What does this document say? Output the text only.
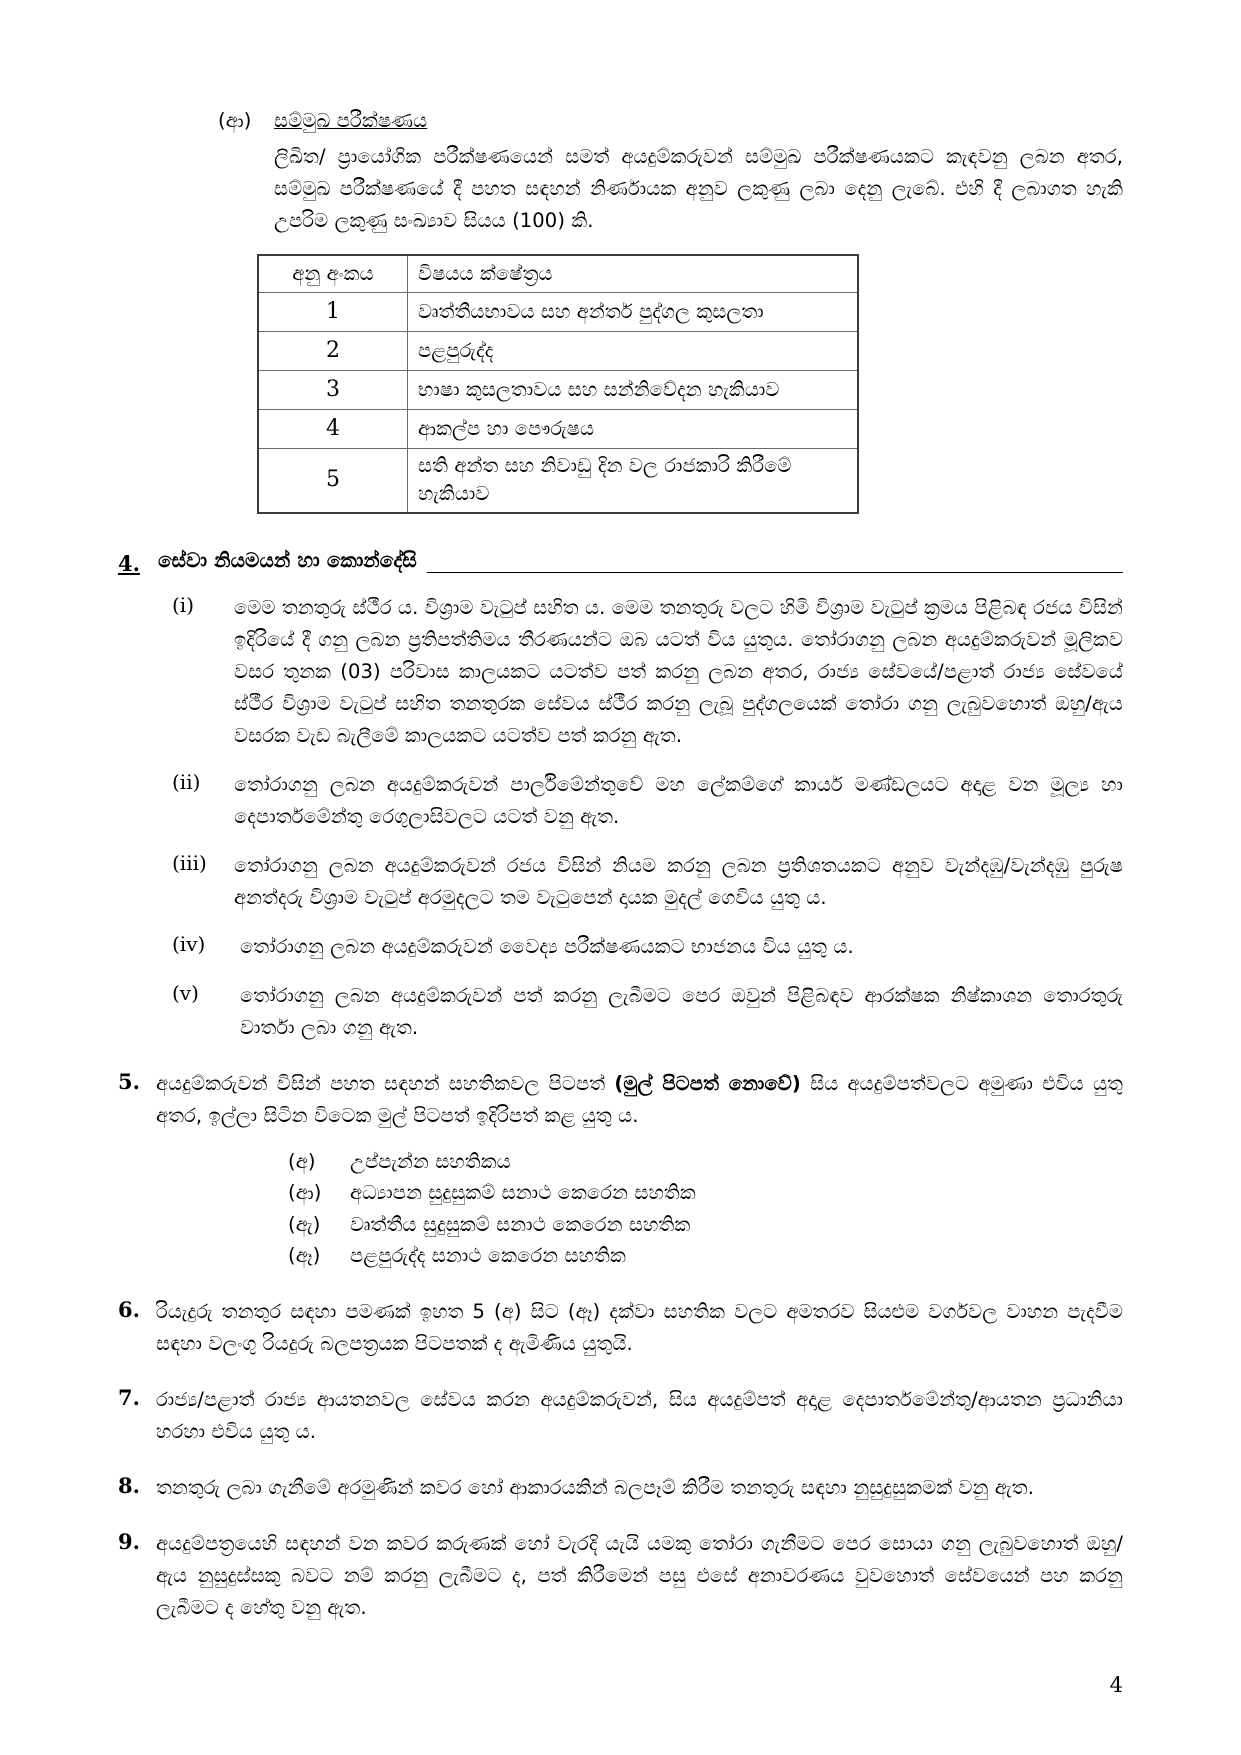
(ආ)	සම්මුඛ පරීක්ෂණය

ලිඛිත/ ප්‍රායෝගික පරීක්ෂණයෙන් සමත් අයදුම්කරුවන් සම්මුඛ පරීක්ෂණයකට කැඳවනු ලබන අතර, සම්මුඛ පරීක්ෂණයේ දී පහත සඳහන් නිර්ණායක අනුව ලකුණු ලබා දෙනු ලැබේ. එහි දී ලබාගත හැකි උපරිම ලකුණු සංඛ්‍යාව සියය (100) කි.

අනු අංකය	විෂයය ක්ෂේත්‍රය
1	වෘත්තීයභාවය සහ අන්තර් පුද්ගල කුසලතා
2	පළපුරුද්ද
3	භාෂා කුසලතාවය සහ සන්නිවේදන හැකියාව
4	ආකල්ප හා පෞරුෂය
5	සති අන්ත සහ නිවාඩු දින වල රාජකාරි කිරීමේ හැකියාව
4. සේවා නියමයන් හා කොන්දේසි
(i)	මෙම තනතුරු ස්ථීර ය. විශ්‍රාම වැටුප් සහිත ය. මෙම තනතුරු වලට හිමි විශ්‍රාම වැටුප් ක්‍රමය පිළිබඳ රජය විසින් ඉදිරියේ දී ගනු ලබන ප්‍රතිපත්තිමය තීරණයන්ට ඔබ යටත් විය යුතුය. තෝරාගනු ලබන අයදුම්කරුවන් මූලිකව වසර තුනක (03) පරිවාස කාලයකට යටත්ව පත් කරනු ලබන අතර, රාජ්‍ය සේවයේ/පළාත් රාජ්‍ය සේවයේ ස්ථීර විශ්‍රාම වැටුප් සහිත තනතුරක සේවය ස්ථීර කරනු ලැබූ පුද්ගලයෙක් තෝරා ගනු ලැබුවහොත් ඔහු/ඇය වසරක වැඩ බැලීමේ කාලයකට යටත්ව පත් කරනු ඇත.
(ii)	තෝරාගනු ලබන අයදුම්කරුවන් පාර්ලිමේන්තුවේ මහ ලේකම්ගේ කාර්ය මණ්ඩලයට අදාළ වන මූල්‍ය හා දෙපාර්තමේන්තු රෙගුලාසිවලට යටත් වනු ඇත.
(iii)	තෝරාගනු ලබන අයදුම්කරුවන් රජය විසින් නියම කරනු ලබන ප්‍රතිශතයකට අනුව වැන්දඹු/වැන්දඹු පුරුෂ අනත්දරු විශ්‍රාම වැටුප් අරමුදලට තම වැටුපෙන් දායක මුදල් ගෙවිය යුතු ය.
(iv)	තෝරාගනු ලබන අයදුම්කරුවන් වෛද්‍ය පරීක්ෂණයකට භාජනය විය යුතු ය.
(v)	තෝරාගනු ලබන අයදුම්කරුවන් පත් කරනු ලැබීමට පෙර ඔවුන් පිළිබඳව ආරක්ෂක නිෂ්කාශන තොරතුරු වාර්තා ලබා ගනු ඇත.
5. අයදුම්කරුවන් විසින් පහත සඳහන් සහතිකවල පිටපත් (මුල් පිටපත් නොවේ) සිය අයදුම්පත්වලට අමුණා එවිය යුතු අතර, ඉල්ලා සිටින විටෙක මුල් පිටපත් ඉදිරිපත් කළ යුතු ය.
(අ)	උප්පැන්න සහතිකය
(ආ)	අධ්‍යාපන සුදුසුකම් සනාථ කෙරෙන සහතික
(ඇ)	වෘත්තීය සුදුසුකම් සනාථ කෙරෙන සහතික
(ඈ)	පළපුරුද්ද සනාථ කෙරෙන සහතික
6. රියැදුරු තනතුර සඳහා පමණක් ඉහත 5 (අ) සිට (ඈ) දක්වා සහතික වලට අමතරව සියළුම වර්ගවල වාහන පැදවීම සඳහා වලංගු රියදුරු බලපත්‍රයක පිටපතක් ද ඇමිණිය යුතුයි.
7. රාජ්‍ය/පළාත් රාජ්‍ය ආයතනවල සේවය කරන අයදුම්කරුවන්, සිය අයදුම්පත් අදාළ දෙපාර්තමේන්තු/ආයතන ප්‍රධානියා හරහා එවිය යුතු ය.
8. තනතුරු ලබා ගැනීමේ අරමුණින් කවර හෝ ආකාරයකින් බලපෑම් කිරීම තනතුරු සඳහා නුසුදුසුකමක් වනු ඇත.
9. අයදුම්පත්‍රයෙහි සඳහන් වන කවර කරුණක් හෝ වැරදි යැයි යමකු තෝරා ගැනීමට පෙර සොයා ගනු ලැබුවහොත් ඔහු/ඇය නුසුදුස්සකු බවට නම් කරනු ලැබීමට ද, පත් කිරීමෙන් පසු එසේ අනාවරණය වුවහොත් සේවයෙන් පහ කරනු ලැබීමට ද හේතු වනු ඇත.
4
